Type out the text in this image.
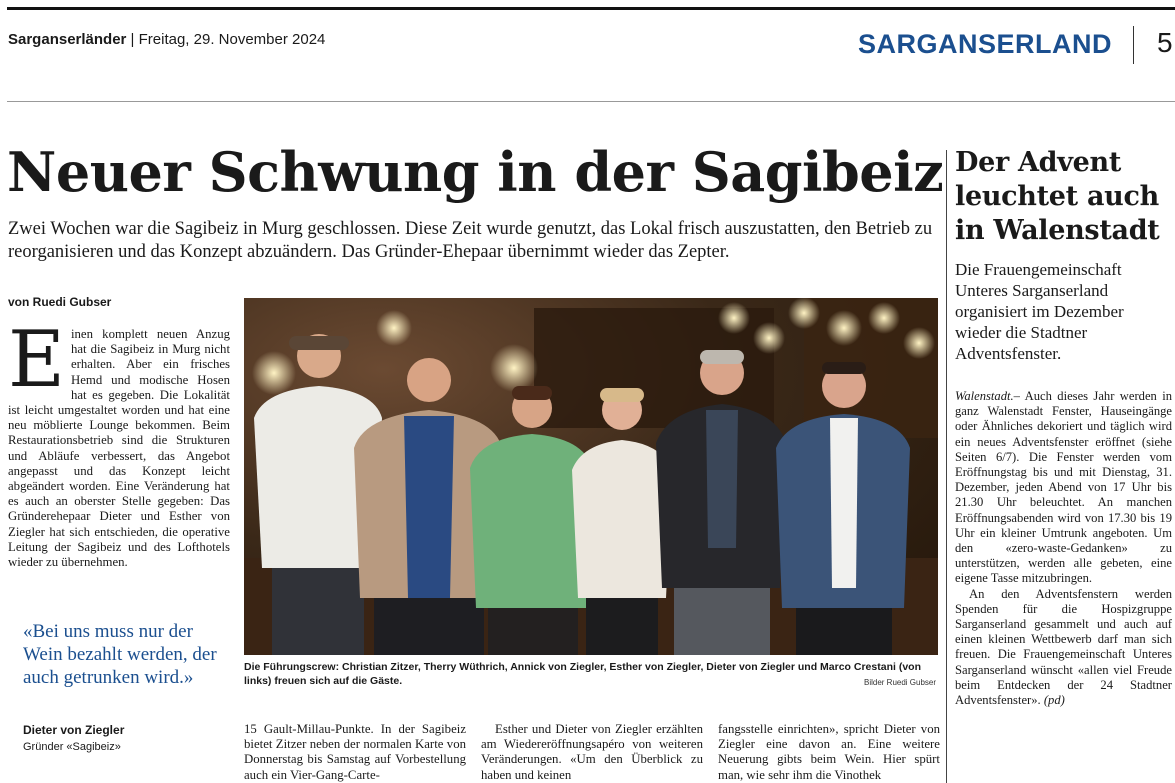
Sarganserländer | Freitag, 29. November 2024	SARGANSERLAND 5
Neuer Schwung in der Sagibeiz
Zwei Wochen war die Sagibeiz in Murg geschlossen. Diese Zeit wurde genutzt, das Lokal frisch auszustatten, den Betrieb zu reorganisieren und das Konzept abzuändern. Das Gründer-Ehepaar übernimmt wieder das Zepter.
von Ruedi Gubser
Einen komplett neuen Anzug hat die Sagibeiz in Murg nicht erhalten. Aber ein frisches Hemd und modische Hosen hat es gegeben. Die Lokalität ist leicht umgestaltet worden und hat eine neu möblierte Lounge bekommen. Beim Restaurationsbetrieb sind die Strukturen und Abläufe verbessert, das Angebot angepasst und das Konzept leicht abgeändert worden. Eine Veränderung hat es auch an oberster Stelle gegeben: Das Gründerehepaar Dieter und Esther von Ziegler hat sich entschieden, die operative Leitung der Sagibeiz und des Lofthotels wieder zu übernehmen.
«Bei uns muss nur der Wein bezahlt werden, der auch getrunken wird.»
Dieter von Ziegler
Gründer «Sagibeiz»
Die Führungscrew: Christian Zitzer, Therry Wüthrich, Annick von Ziegler, Esther von Ziegler, Dieter von Ziegler und Marco Crestani (von links) freuen sich auf die Gäste.	Bilder Ruedi Gubser
15 Gault-Millau-Punkte. In der Sagibeiz bietet Zitzer neben der normalen Karte von Donnerstag bis Samstag auf Vorbestellung auch ein Vier-Gang-Carte-
Esther und Dieter von Ziegler erzählten am Wiedereröffnungsapéro von weiteren Veränderungen. «Um den Überblick zu haben und keinen
fangsstelle einrichten», spricht Dieter von Ziegler eine davon an. Eine weitere Neuerung gibts beim Wein. Hier spürt man, wie sehr ihm die Vinothek
Der Advent leuchtet auch in Walenstadt
Die Frauengemeinschaft Unteres Sarganserland organisiert im Dezember wieder die Stadtner Adventsfenster.

Walenstadt.– Auch dieses Jahr werden in ganz Walenstadt Fenster, Hauseingänge oder Ähnliches dekoriert und täglich wird ein neues Adventsfenster eröffnet (siehe Seiten 6/7). Die Fenster werden vom Eröffnungstag bis und mit Dienstag, 31. Dezember, jeden Abend von 17 Uhr bis 21.30 Uhr beleuchtet. An manchen Eröffnungsabenden wird von 17.30 bis 19 Uhr ein kleiner Umtrunk angeboten. Um den «zero-waste-Gedanken» zu unterstützen, werden alle gebeten, eine eigene Tasse mitzubringen.

An den Adventsfenstern werden Spenden für die Hospizgruppe Sarganserland gesammelt und auch auf einen kleinen Wettbewerb darf man sich freuen. Die Frauengemeinschaft Unteres Sarganserland wünscht «allen viel Freude beim Entdecken der 24 Stadtner Adventsfenster». (pd)
